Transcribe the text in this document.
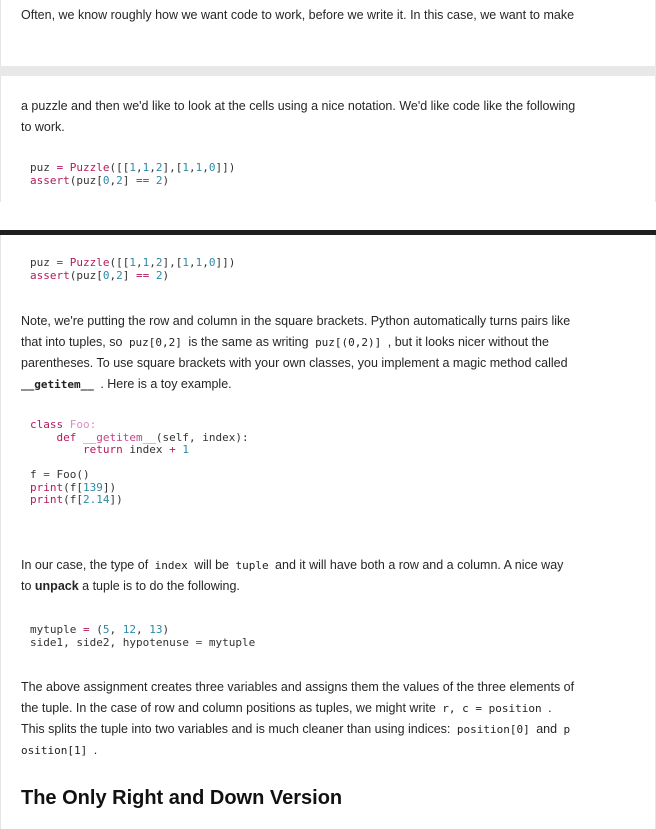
Often, we know roughly how we want code to work, before we write it. In this case, we want to make

a puzzle and then we'd like to look at the cells using a nice notation. We'd like code like the following
to work.

puz = Puzzle([[1,1,2],[1,1,0]])
assert(puz[0,2] == 2)
puz = Puzzle([[1,1,2],[1,1,0]])
assert(puz[0,2] == 2)

Note, we're putting the row and column in the square brackets. Python automatically turns pairs like
that into tuples, so puz[0,2] is the same as writing puz[(0,2)] , but it looks nicer without the
parentheses. To use square brackets with your own classes, you implement a magic method called
__getitem__ . Here is a toy example.

class Foo:
def __getitem__(self, index):
return index + 1

f = Foo()
print(f[139])
print(f[2.14])

In our case, the type of index will be tuple and it will have both a row and a column. A nice way
to unpack a tuple is to do the following.

mytuple = (5, 12, 13)
side1, side2, hypotenuse = mytuple

The above assignment creates three variables and assigns them the values of the three elements of
the tuple. In the case of row and column positions as tuples, we might write r, c = position .
This splits the tuple into two variables and is much cleaner than using indices: position[0] and p
osition[1] .

The Only Right and Down Version
